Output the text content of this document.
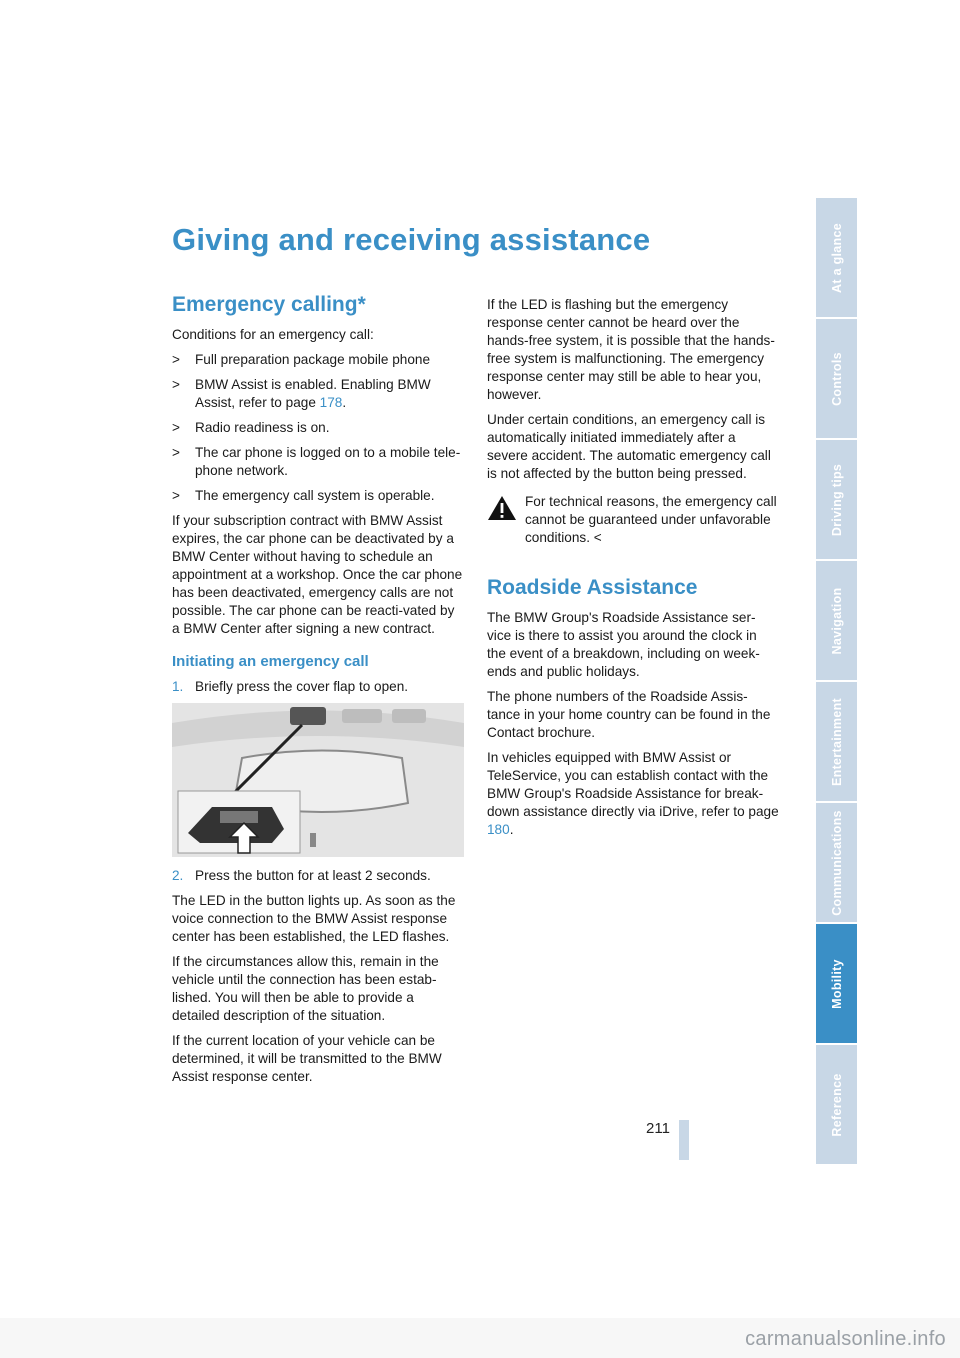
Giving and receiving assistance
Emergency calling*

Conditions for an emergency call:

> Full preparation package mobile phone
> BMW Assist is enabled. Enabling BMW Assist, refer to page 178.
> Radio readiness is on.
> The car phone is logged on to a mobile tele-phone network.
> The emergency call system is operable.

If your subscription contract with BMW Assist expires, the car phone can be deactivated by a BMW Center without having to schedule an appointment at a workshop. Once the car phone has been deactivated, emergency calls are not possible. The car phone can be reacti-vated by a BMW Center after signing a new contract.

Initiating an emergency call

1. Briefly press the cover flap to open.

2. Press the button for at least 2 seconds.

The LED in the button lights up. As soon as the voice connection to the BMW Assist response center has been established, the LED flashes.

If the circumstances allow this, remain in the vehicle until the connection has been estab-lished. You will then be able to provide a detailed description of the situation.

If the current location of your vehicle can be determined, it will be transmitted to the BMW Assist response center.

If the LED is flashing but the emergency response center cannot be heard over the hands-free system, it is possible that the hands-free system is malfunctioning. The emergency response center may still be able to hear you, however.

Under certain conditions, an emergency call is automatically initiated immediately after a severe accident. The automatic emergency call is not affected by the button being pressed.

For technical reasons, the emergency call cannot be guaranteed under unfavorable conditions. <
Roadside Assistance

The BMW Group's Roadside Assistance ser-vice is there to assist you around the clock in the event of a breakdown, including on week-ends and public holidays.

The phone numbers of the Roadside Assis-tance in your home country can be found in the Contact brochure.

In vehicles equipped with BMW Assist or TeleService, you can establish contact with the BMW Group's Roadside Assistance for break-down assistance directly via iDrive, refer to page 180.

211
At a glance
Controls
Driving tips
Navigation
Entertainment
Communications
Mobility
Reference
carmanualsonline.info
